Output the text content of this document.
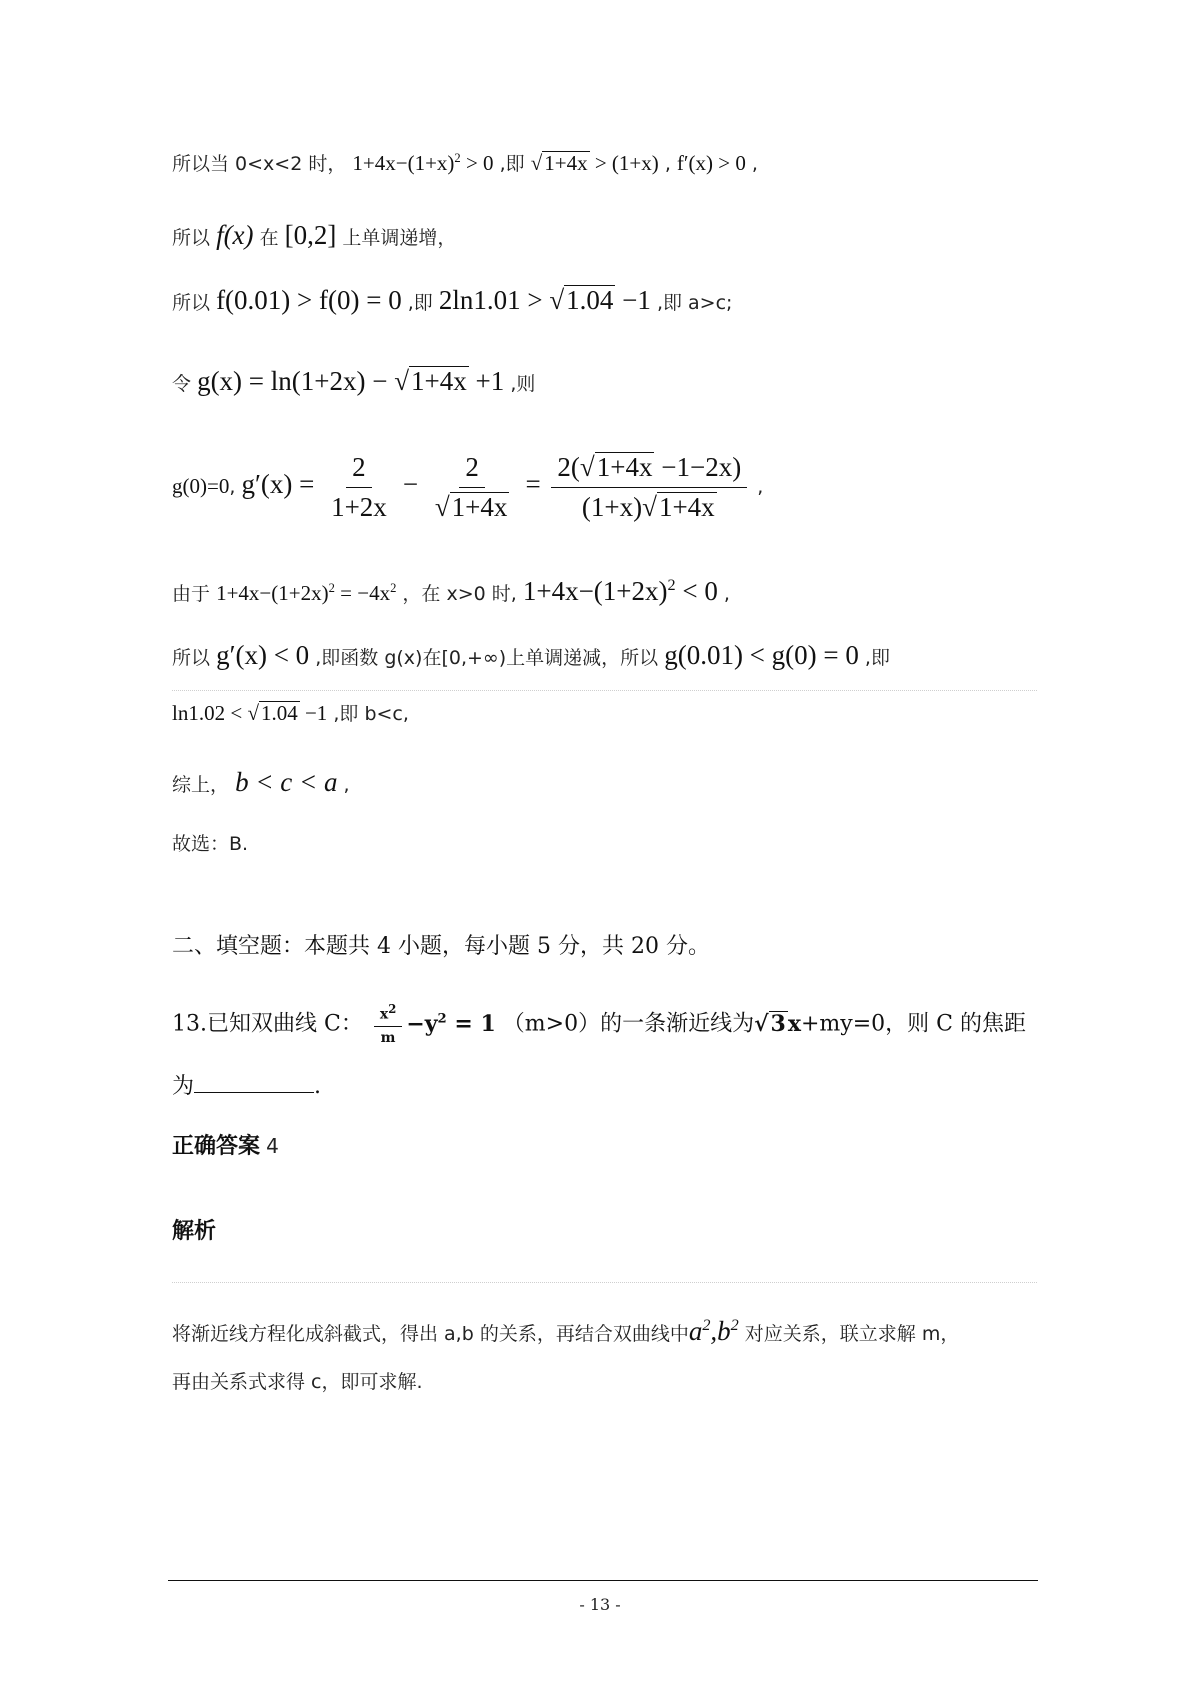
所以当 0<x<2 时， $1+4x-(1+x)^2 > 0$ ,即 √1+4x > (1+x) , f′(x) > 0 ,
所以 f(x) 在 [0,2] 上单调递增，
所以 f(0.01) > f(0) = 0 ,即 2ln1.01 > √1.04 −1 ,即 a>c;
令 g(x) = ln(1+2x) − √1+4x +1 ,则
g(0)=0, $g'(x) = \frac{2}{1+2x} - \frac{2}{√1+4x} = \frac{2(√1+4x -1-2x)}{(1+x)√1+4x}$ ,
由于 $1+4x-(1+2x)^2 = -4x^2$ ，在 x>0 时, $1+4x-(1+2x)^2 < 0$ ,
所以 g′(x) < 0 ,即函数 g(x)在[0,+∞)上单调递减，所以 g(0.01) < g(0) = 0 ,即
ln1.02 < √1.04 −1 ,即 b<c,
综上， b < c < a ,
故选：B.
二、填空题：本题共 4 小题，每小题 5 分，共 20 分。
13.已知双曲线 C： $\frac{x^2}{m} -y^2 = 1$ （m>0）的一条渐近线为√3x+my=0，则 C 的焦距
为	.
正确答案 4
解析
将渐近线方程化成斜截式，得出 a,b 的关系，再结合双曲线中$a^2,b^2$ 对应关系，联立求解 m，
再由关系式求得 c，即可求解.
- 13 -
